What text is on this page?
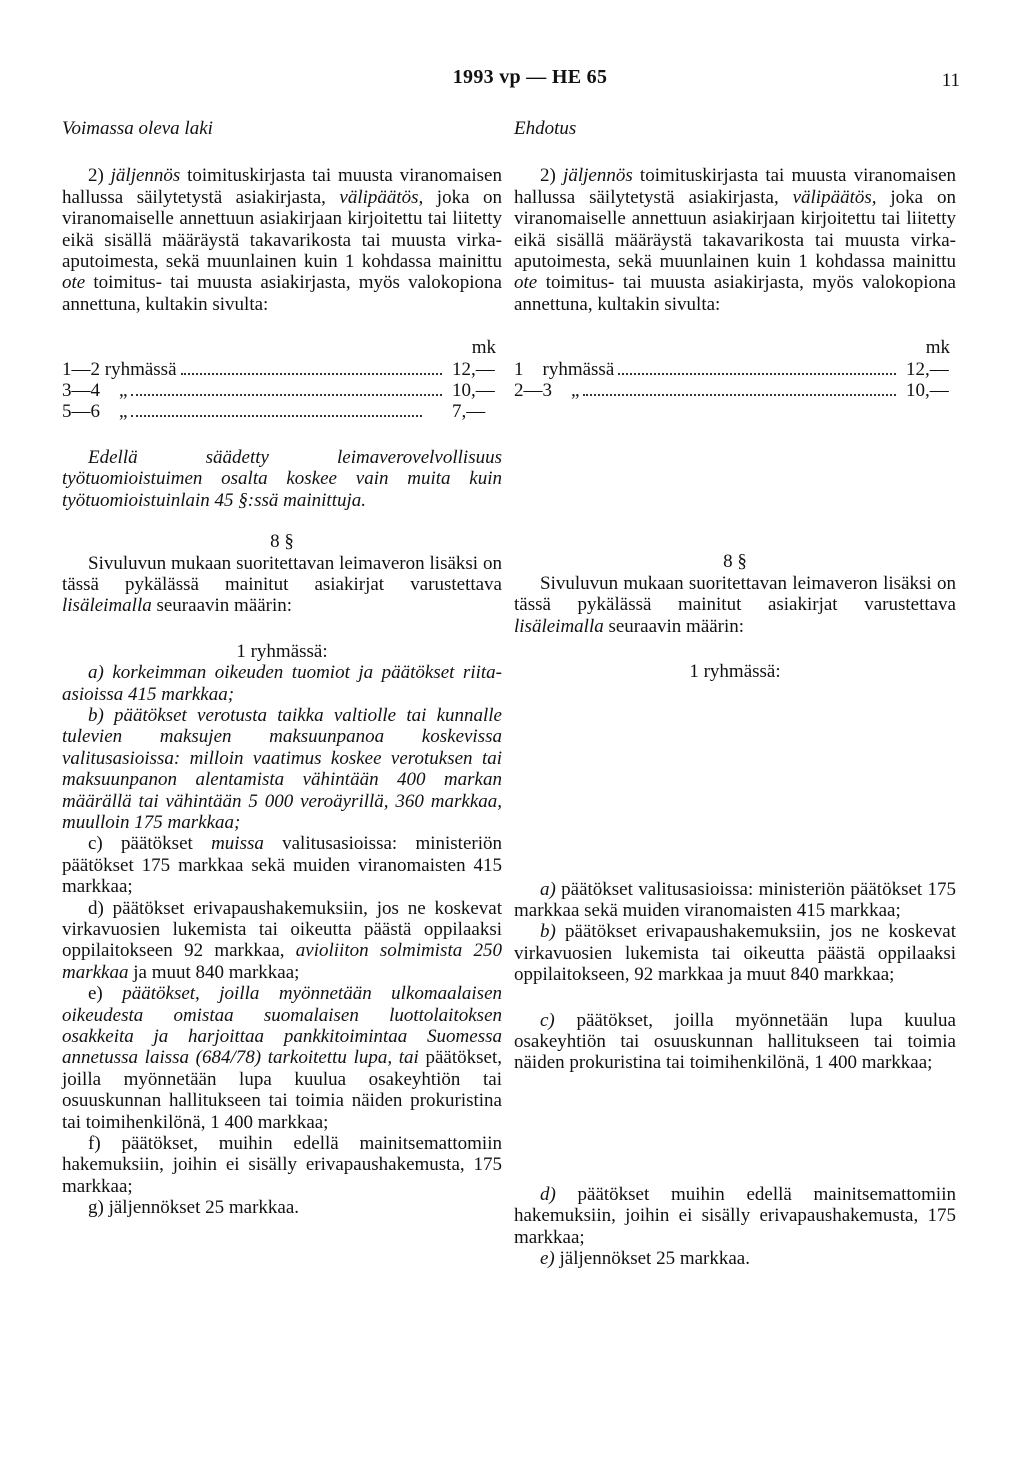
1993 vp — HE 65	11
Voimassa oleva laki

2) jäljennös toimituskirjasta tai muusta viranomaisen hallussa säilytetystä asiakirjasta, välipäätös, joka on viranomaiselle annettuun asiakirjaan kirjoitettu tai liitetty eikä sisällä määräystä takavarikosta tai muusta virka-aputoimesta, sekä muunlainen kuin 1 kohdassa mainittu ote toimitus- tai muusta asiakirjasta, myös valokopiona annettuna, kultakin sivulta:

mk
1—2 ryhmässä	12,—
3—4    „	10,—
5—6    „	7,—

Edellä säädetty leimaverovelvollisuus työtuomioistuimen osalta koskee vain muita kuin työtuomioistuinlain 45 §:ssä mainittuja.

8 §

Sivuluvun mukaan suoritettavan leimaveron lisäksi on tässä pykälässä mainitut asiakirjat varustettava lisäleimalla seuraavin määrin:

1 ryhmässä:

a) korkeimman oikeuden tuomiot ja päätökset riita-asioissa 415 markkaa;

b) päätökset verotusta taikka valtiolle tai kunnalle tulevien maksujen maksuunpanoa koskevissa valitusasioissa: milloin vaatimus koskee verotuksen tai maksuunpanon alentamista vähintään 400 markan määrällä tai vähintään 5 000 veroäyrillä, 360 markkaa, muulloin 175 markkaa;

c) päätökset muissa valitusasioissa: ministeriön päätökset 175 markkaa sekä muiden viranomaisten 415 markkaa;

d) päätökset erivapaushakemuksiin, jos ne koskevat virkavuosien lukemista tai oikeutta päästä oppilaaksi oppilaitokseen 92 markkaa, avioliiton solmimista 250 markkaa ja muut 840 markkaa;

e) päätökset, joilla myönnetään ulkomaalaisen oikeudesta omistaa suomalaisen luottolaitoksen osakkeita ja harjoittaa pankkitoimintaa Suomessa annetussa laissa (684/78) tarkoitettu lupa, tai päätökset, joilla myönnetään lupa kuulua osakeyhtiön tai osuuskunnan hallitukseen tai toimia näiden prokuristina tai toimihenkilönä, 1 400 markkaa;

f) päätökset, muihin edellä mainitsemattomiin hakemuksiin, joihin ei sisälly erivapaushakemusta, 175 markkaa;

g) jäljennökset 25 markkaa.

Ehdotus

2) jäljennös toimituskirjasta tai muusta viranomaisen hallussa säilytetystä asiakirjasta, välipäätös, joka on viranomaiselle annettuun asiakirjaan kirjoitettu tai liitetty eikä sisällä määräystä takavarikosta tai muusta virka-aputoimesta, sekä muunlainen kuin 1 kohdassa mainittu ote toimitus- tai muusta asiakirjasta, myös valokopiona annettuna, kultakin sivulta:

mk
1    ryhmässä	12,—
2—3    „	10,—

8 §

Sivuluvun mukaan suoritettavan leimaveron lisäksi on tässä pykälässä mainitut asiakirjat varustettava lisäleimalla seuraavin määrin:

1 ryhmässä:

a) päätökset valitusasioissa: ministeriön päätökset 175 markkaa sekä muiden viranomaisten 415 markkaa;

b) päätökset erivapaushakemuksiin, jos ne koskevat virkavuosien lukemista tai oikeutta päästä oppilaaksi oppilaitokseen, 92 markkaa ja muut 840 markkaa;

c) päätökset, joilla myönnetään lupa kuulua osakeyhtiön tai osuuskunnan hallitukseen tai toimia näiden prokuristina tai toimihenkilönä, 1 400 markkaa;

d) päätökset muihin edellä mainitsemattomiin hakemuksiin, joihin ei sisälly erivapaushakemusta, 175 markkaa;

e) jäljennökset 25 markkaa.
